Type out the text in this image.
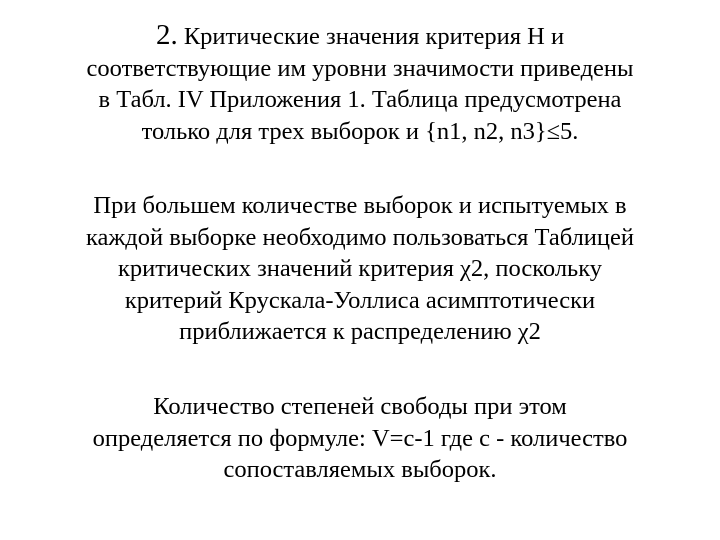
2. Критические значения критерия Н и
соответствующие им уровни значимости приведены
в Табл. IV Приложения 1. Таблица предусмотрена
только для трех выборок и {n1, n2, n3}≤5.
При большем количестве выборок и испытуемых в
каждой выборке необходимо пользоваться Таблицей
критических значений критерия χ2, поскольку
критерий Крускала-Уоллиса асимптотически
приближается к распределению χ2
Количество степеней свободы при этом
определяется по формуле: V=с-1 где с - количество
сопоставляемых выборок.
